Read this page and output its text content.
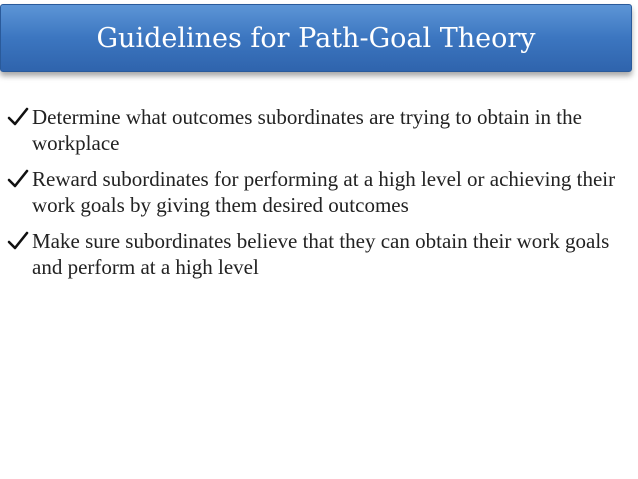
Guidelines for Path-Goal Theory
Determine what outcomes subordinates are trying to obtain in the workplace
Reward subordinates for performing at a high level or achieving their work goals by giving them desired outcomes
Make sure subordinates believe that they can obtain their work goals and perform at a high level
